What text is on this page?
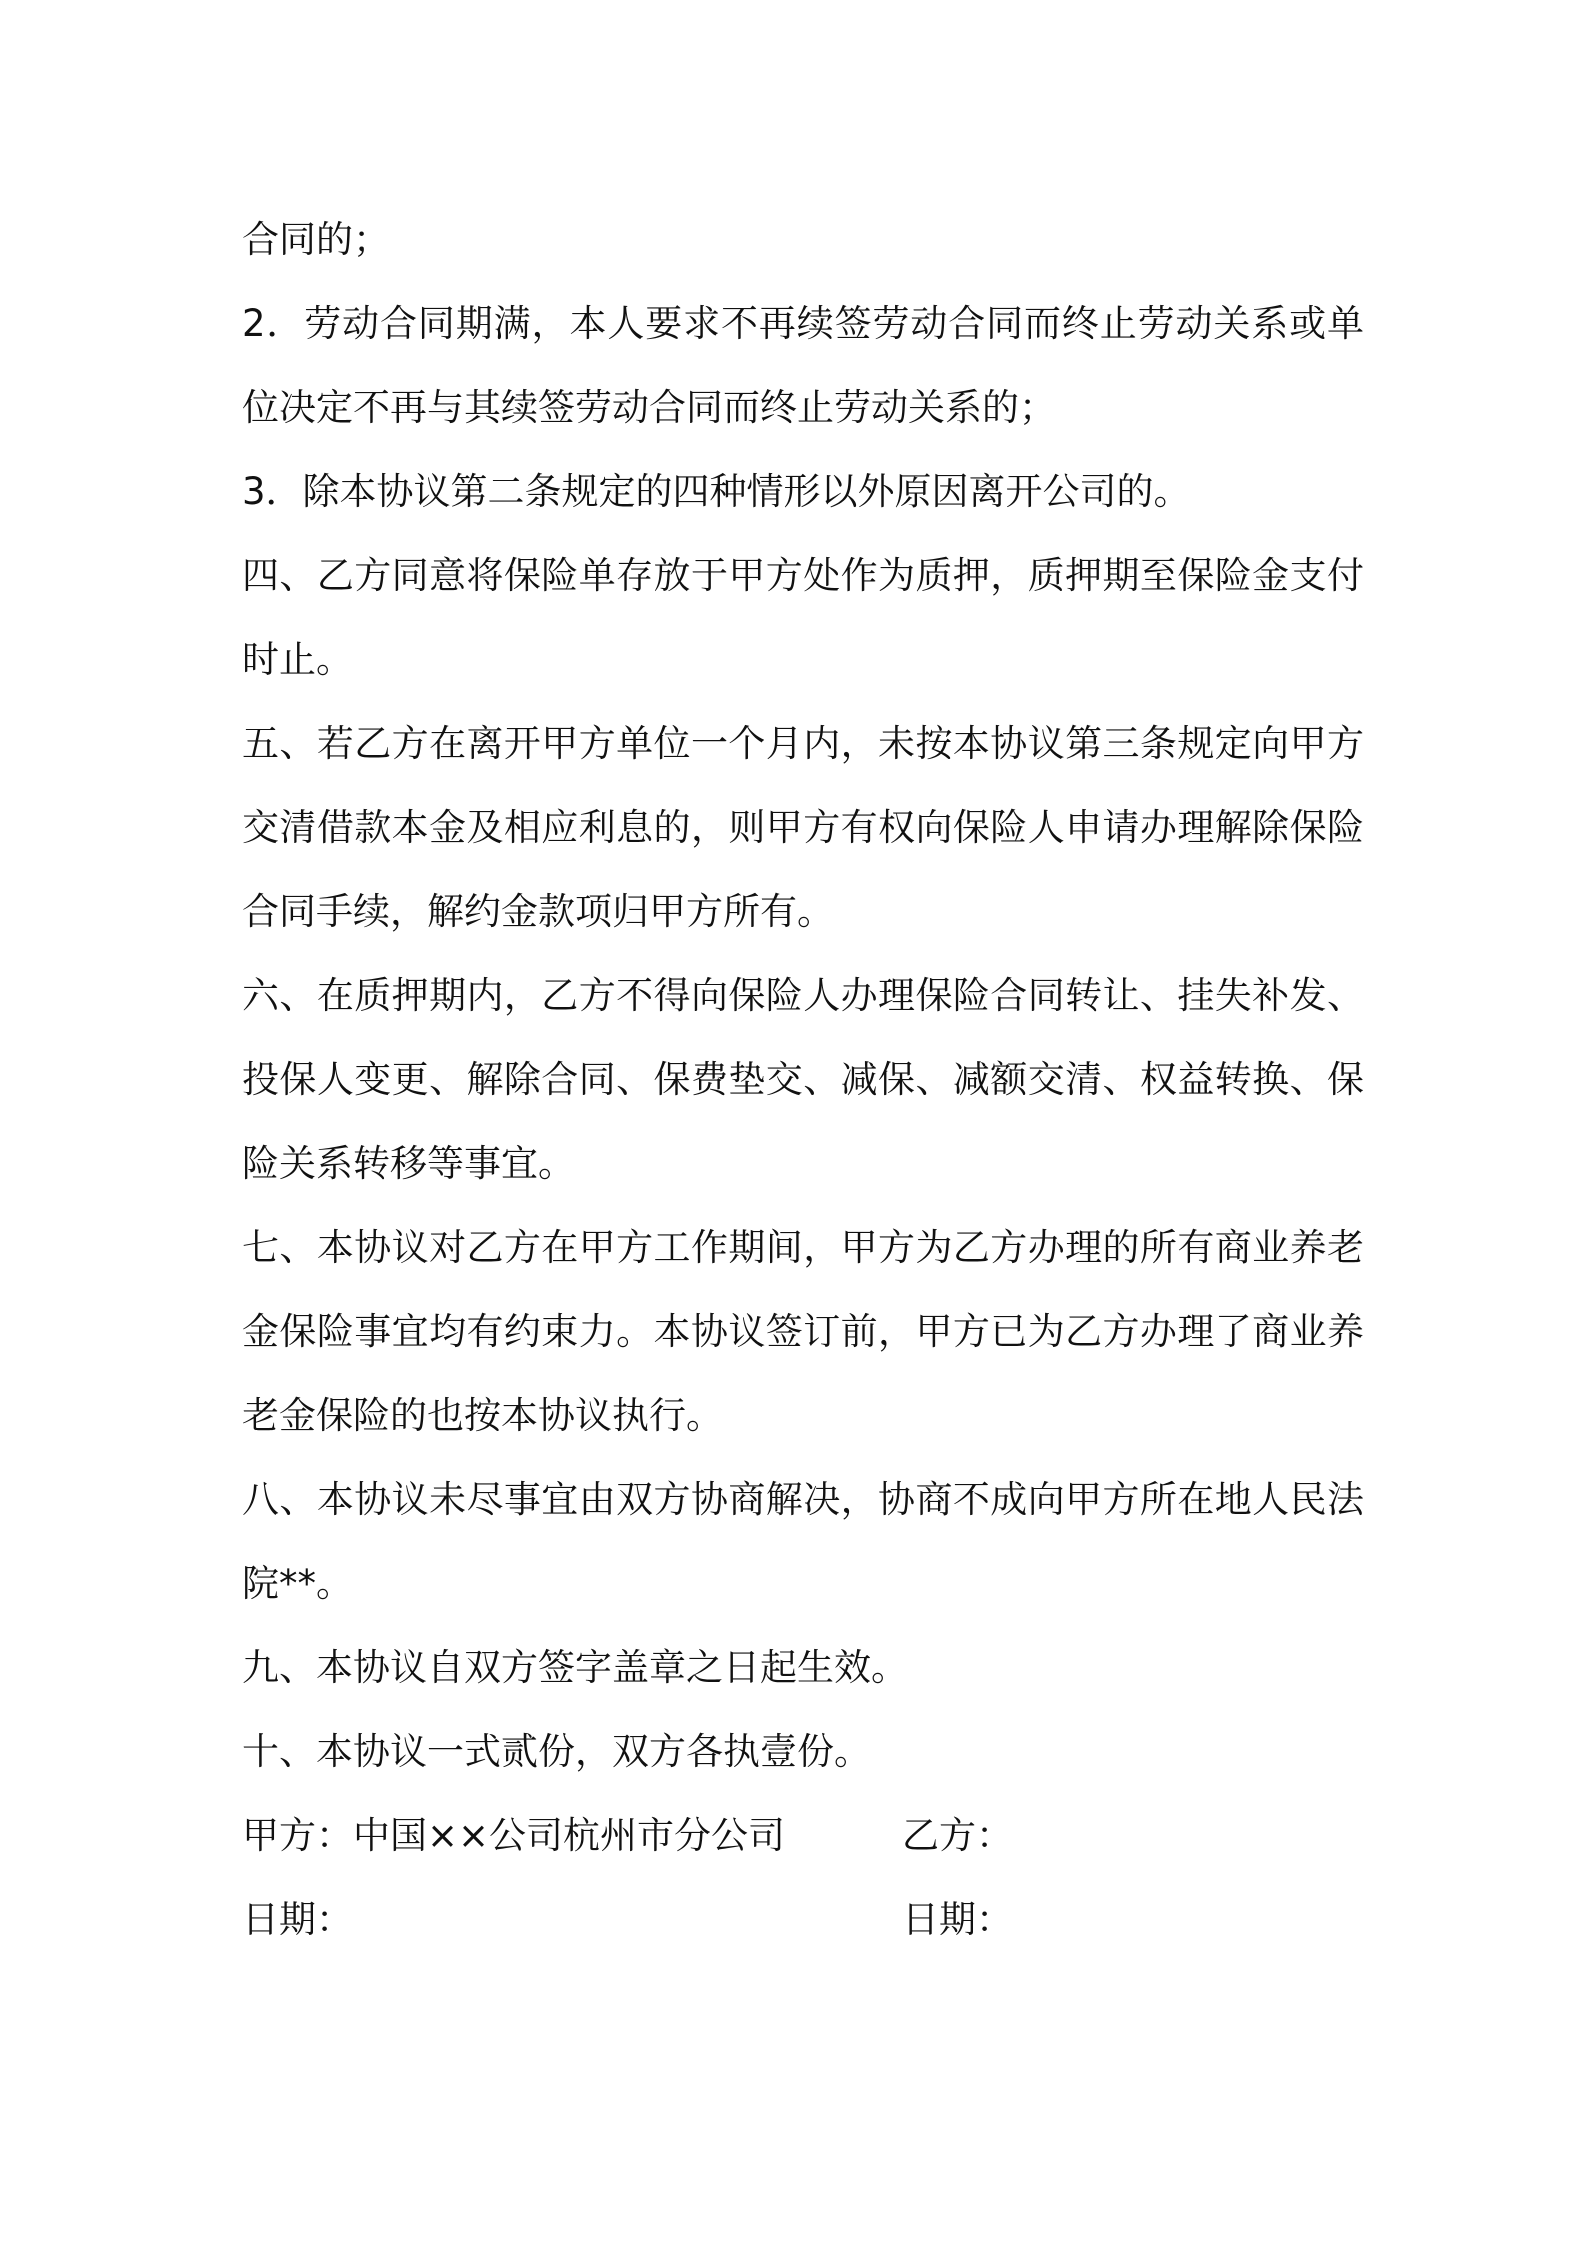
合同的；

2．劳动合同期满，本人要求不再续签劳动合同而终止劳动关系或单位决定不再与其续签劳动合同而终止劳动关系的；

3．除本协议第二条规定的四种情形以外原因离开公司的。

四、乙方同意将保险单存放于甲方处作为质押，质押期至保险金支付时止。

五、若乙方在离开甲方单位一个月内，未按本协议第三条规定向甲方交清借款本金及相应利息的，则甲方有权向保险人申请办理解除保险合同手续，解约金款项归甲方所有。

六、在质押期内，乙方不得向保险人办理保险合同转让、挂失补发、投保人变更、解除合同、保费垫交、减保、减额交清、权益转换、保险关系转移等事宜。

七、本协议对乙方在甲方工作期间，甲方为乙方办理的所有商业养老金保险事宜均有约束力。本协议签订前，甲方已为乙方办理了商业养老金保险的也按本协议执行。

八、本协议未尽事宜由双方协商解决，协商不成向甲方所在地人民法院**。

九、本协议自双方签字盖章之日起生效。

十、本协议一式贰份，双方各执壹份。

甲方：中国××公司杭州市分公司	乙方：
日期：	日期：
